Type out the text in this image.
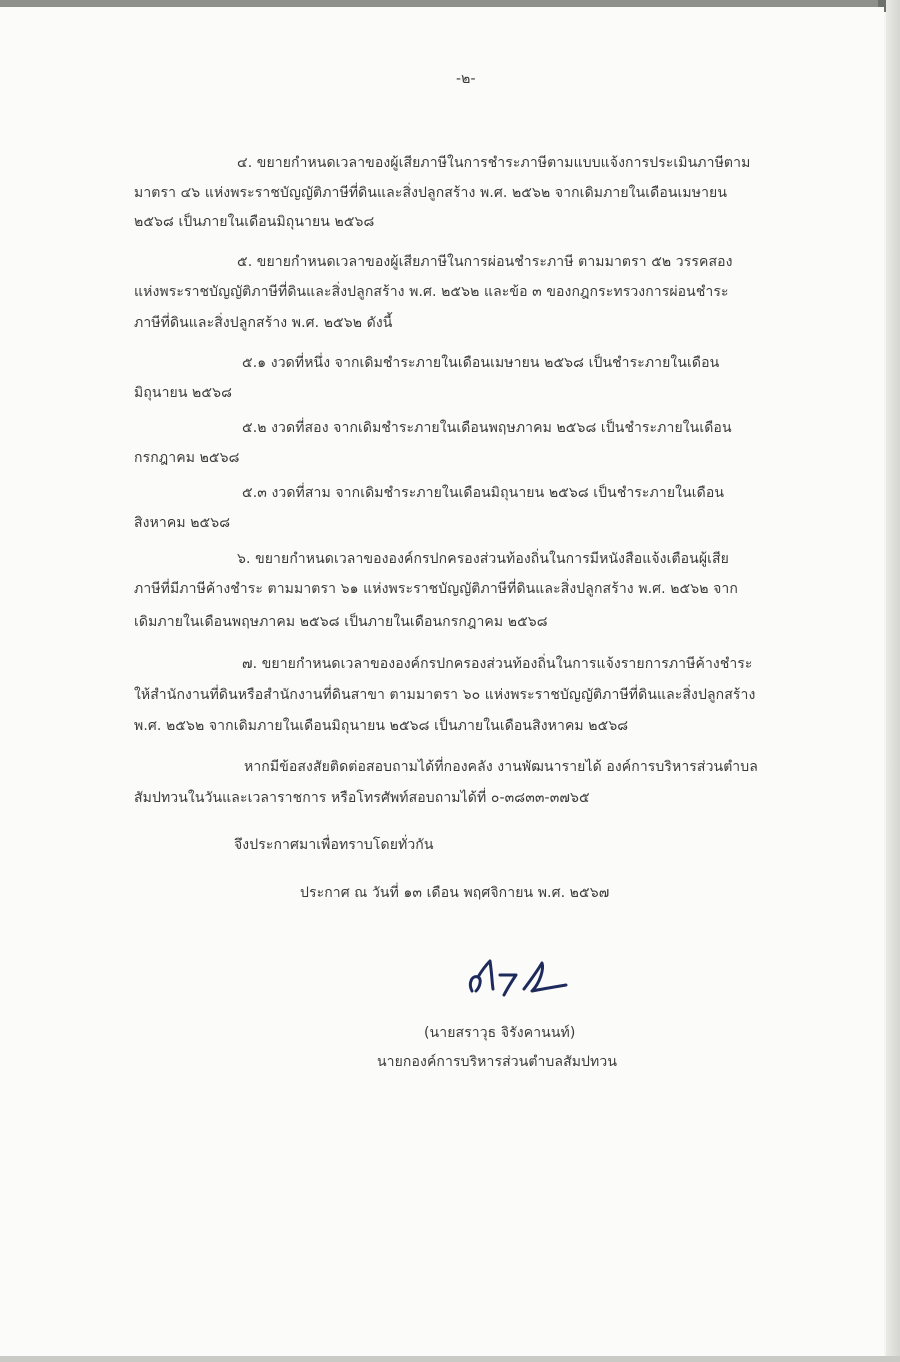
-๒-
๔. ขยายกำหนดเวลาของผู้เสียภาษีในการชำระภาษีตามแบบแจ้งการประเมินภาษีตาม
มาตรา ๔๖ แห่งพระราชบัญญัติภาษีที่ดินและสิ่งปลูกสร้าง พ.ศ. ๒๕๖๒ จากเดิมภายในเดือนเมษายน
๒๕๖๘ เป็นภายในเดือนมิถุนายน ๒๕๖๘
๕. ขยายกำหนดเวลาของผู้เสียภาษีในการผ่อนชำระภาษี ตามมาตรา ๕๒ วรรคสอง
แห่งพระราชบัญญัติภาษีที่ดินและสิ่งปลูกสร้าง พ.ศ. ๒๕๖๒ และข้อ ๓ ของกฎกระทรวงการผ่อนชำระ
ภาษีที่ดินและสิ่งปลูกสร้าง พ.ศ. ๒๕๖๒ ดังนี้
๕.๑ งวดที่หนึ่ง จากเดิมชำระภายในเดือนเมษายน ๒๕๖๘ เป็นชำระภายในเดือน
มิถุนายน ๒๕๖๘
๕.๒ งวดที่สอง จากเดิมชำระภายในเดือนพฤษภาคม ๒๕๖๘ เป็นชำระภายในเดือน
กรกฎาคม ๒๕๖๘
๕.๓ งวดที่สาม จากเดิมชำระภายในเดือนมิถุนายน ๒๕๖๘ เป็นชำระภายในเดือน
สิงหาคม ๒๕๖๘
๖. ขยายกำหนดเวลาขององค์กรปกครองส่วนท้องถิ่นในการมีหนังสือแจ้งเตือนผู้เสีย
ภาษีที่มีภาษีค้างชำระ ตามมาตรา ๖๑ แห่งพระราชบัญญัติภาษีที่ดินและสิ่งปลูกสร้าง พ.ศ. ๒๕๖๒ จาก
เดิมภายในเดือนพฤษภาคม ๒๕๖๘ เป็นภายในเดือนกรกฎาคม ๒๕๖๘
๗. ขยายกำหนดเวลาขององค์กรปกครองส่วนท้องถิ่นในการแจ้งรายการภาษีค้างชำระ
ให้สำนักงานที่ดินหรือสำนักงานที่ดินสาขา ตามมาตรา ๖๐ แห่งพระราชบัญญัติภาษีที่ดินและสิ่งปลูกสร้าง
พ.ศ. ๒๕๖๒ จากเดิมภายในเดือนมิถุนายน ๒๕๖๘ เป็นภายในเดือนสิงหาคม ๒๕๖๘
หากมีข้อสงสัยติดต่อสอบถามได้ที่กองคลัง งานพัฒนารายได้ องค์การบริหารส่วนตำบล
สัมปทวนในวันและเวลาราชการ หรือโทรศัพท์สอบถามได้ที่ ๐-๓๘๓๓-๓๗๖๕
จึงประกาศมาเพื่อทราบโดยทั่วกัน
ประกาศ ณ วันที่ ๑๓ เดือน พฤศจิกายน พ.ศ. ๒๕๖๗
(นายสราวุธ จิรังคานนท์)
นายกองค์การบริหารส่วนตำบลสัมปทวน
